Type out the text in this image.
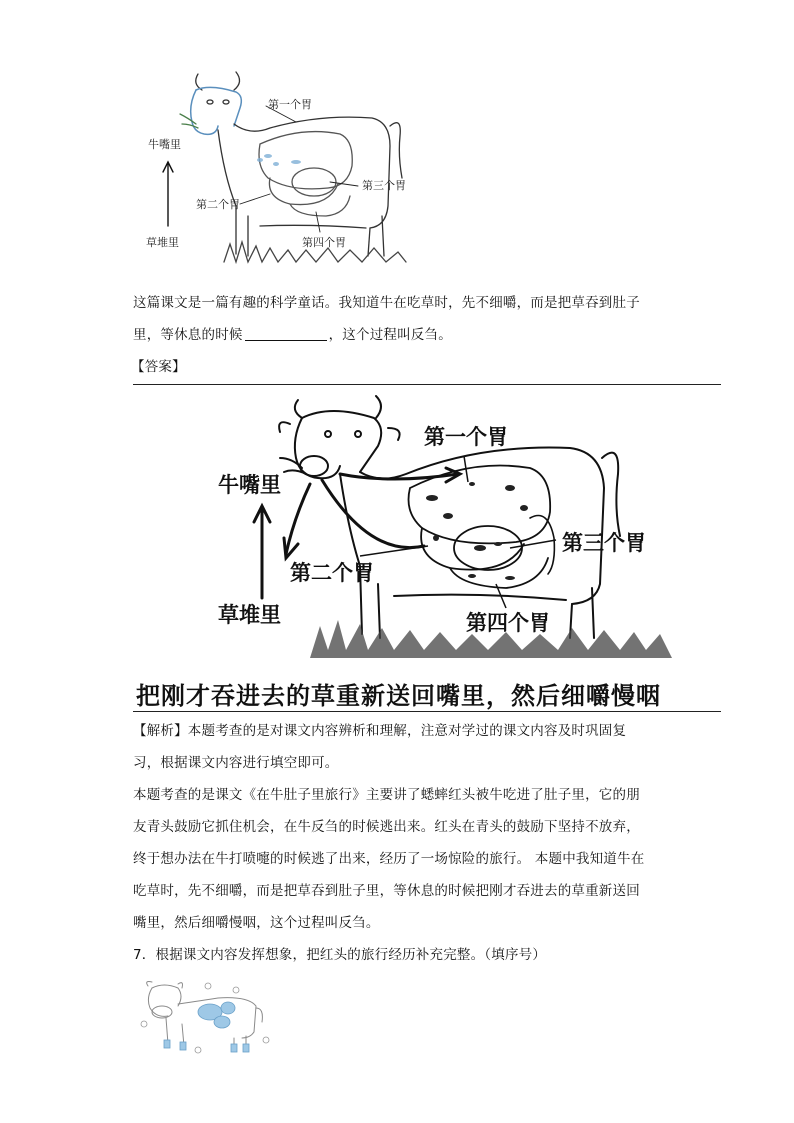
第一个胃
牛嘴里
第三个胃
第二个胃
草堆里	第四个胃
这篇课文是一篇有趣的科学童话。我知道牛在吃草时，先不细嚼，而是把草吞到肚子
里，等休息的时候	，这个过程叫反刍。
【答案】
第一个胃
牛嘴里
第三个胃
第二个胃
草堆里	第四个胃
把刚才吞进去的草重新送回嘴里，然后细嚼慢咽
【解析】本题考查的是对课文内容辨析和理解，注意对学过的课文内容及时巩固复
习，根据课文内容进行填空即可。
本题考查的是课文《在牛肚子里旅行》主要讲了蟋蟀红头被牛吃进了肚子里，它的朋
友青头鼓励它抓住机会，在牛反刍的时候逃出来。红头在青头的鼓励下坚持不放弃，
终于想办法在牛打喷嚏的时候逃了出来，经历了一场惊险的旅行。 本题中我知道牛在
吃草时，先不细嚼，而是把草吞到肚子里，等休息的时候把刚才吞进去的草重新送回
嘴里，然后细嚼慢咽，这个过程叫反刍。
7．根据课文内容发挥想象，把红头的旅行经历补充完整。（填序号）
